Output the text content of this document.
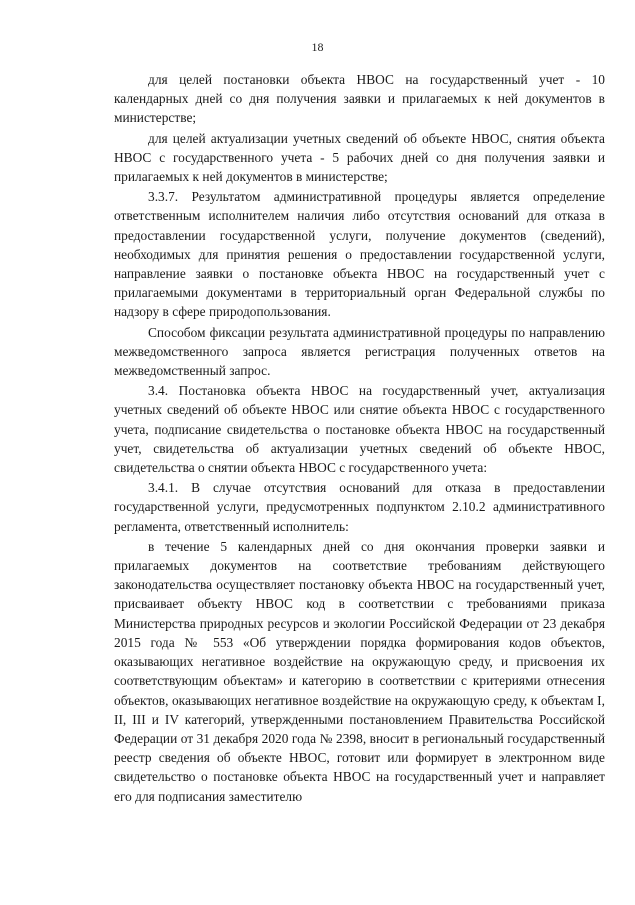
18

для целей постановки объекта НВОС на государственный учет - 10 календарных дней со дня получения заявки и прилагаемых к ней документов в министерстве;

для целей актуализации учетных сведений об объекте НВОС, снятия объекта НВОС с государственного учета - 5 рабочих дней со дня получения заявки и прилагаемых к ней документов в министерстве;

3.3.7. Результатом административной процедуры является определение ответственным исполнителем наличия либо отсутствия оснований для отказа в предоставлении государственной услуги, получение документов (сведений), необходимых для принятия решения о предоставлении государственной услуги, направление заявки о постановке объекта НВОС на государственный учет с прилагаемыми документами в территориальный орган Федеральной службы по надзору в сфере природопользования.

Способом фиксации результата административной процедуры по направлению межведомственного запроса является регистрация полученных ответов на межведомственный запрос.

3.4. Постановка объекта НВОС на государственный учет, актуализация учетных сведений об объекте НВОС или снятие объекта НВОС с государственного учета, подписание свидетельства о постановке объекта НВОС на государственный учет, свидетельства об актуализации учетных сведений об объекте НВОС, свидетельства о снятии объекта НВОС с государственного учета:

3.4.1. В случае отсутствия оснований для отказа в предоставлении государственной услуги, предусмотренных подпунктом 2.10.2 административного регламента, ответственный исполнитель:

в течение 5 календарных дней со дня окончания проверки заявки и прилагаемых документов на соответствие требованиям действующего законодательства осуществляет постановку объекта НВОС на государственный учет, присваивает объекту НВОС код в соответствии с требованиями приказа Министерства природных ресурсов и экологии Российской Федерации от 23 декабря 2015 года № 553 «Об утверждении порядка формирования кодов объектов, оказывающих негативное воздействие на окружающую среду, и присвоения их соответствующим объектам» и категорию в соответствии с критериями отнесения объектов, оказывающих негативное воздействие на окружающую среду, к объектам I, II, III и IV категорий, утвержденными постановлением Правительства Российской Федерации от 31 декабря 2020 года № 2398, вносит в региональный государственный реестр сведения об объекте НВОС, готовит или формирует в электронном виде свидетельство о постановке объекта НВОС на государственный учет и направляет его для подписания заместителю
